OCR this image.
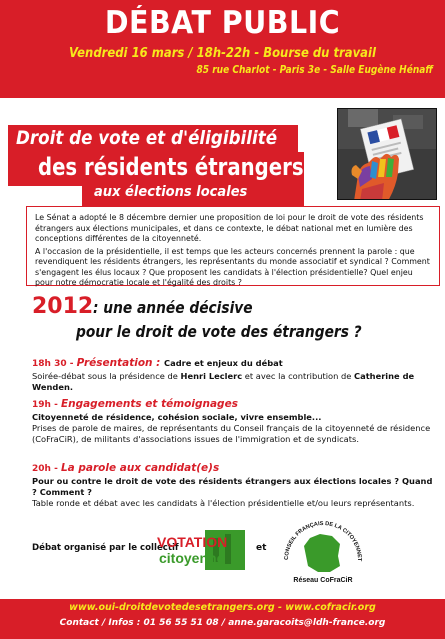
DÉBAT PUBLIC
Vendredi 16 mars / 18h-22h - Bourse du travail
85 rue Charlot - Paris 3e - Salle Eugène Hénaff
Droit de vote et d'éligibilité
des résidents étrangers
aux élections locales

Le Sénat a adopté le 8 décembre dernier une proposition de loi pour le droit de vote des résidents étrangers aux élections municipales, et dans ce contexte, le débat national met en lumière des conceptions différentes de la citoyenneté.

A l'occasion de la présidentielle, il est temps que les acteurs concernés prennent la parole : que revendiquent les résidents étrangers, les représentants du monde associatif et syndical ? Comment s'engagent les élus locaux ? Que proposent les candidats à l'élection présidentielle? Quel enjeu pour notre démocratie locale et l'égalité des droits ?

2012: une année décisive
pour le droit de vote des étrangers ?
18h 30 - Présentation : Cadre et enjeux du débat
Soirée-débat sous la présidence de Henri Leclerc et avec la contribution de Catherine de Wenden.
19h - Engagements et témoignages
Citoyenneté de résidence, cohésion sociale, vivre ensemble...
Prises de parole de maires, de représentants du Conseil français de la citoyenneté de résidence (CoFraCiR), de militants d'associations issues de l'immigration et de syndicats.
20h - La parole aux candidat(e)s
Pour ou contre le droit de vote des résidents étrangers aux élections locales ? Quand ? Comment ?
Table ronde et débat avec les candidats à l'élection présidentielle et/ou leurs représentants.
Débat organisé par le collectif
VOTATION
citoyenne
et
CONSEIL FRANÇAIS DE LA CITOYENNET
Réseau CoFraCiR
www.oui-droitdevotedesetrangers.org - www.cofracir.org
Contact / Infos : 01 56 55 51 08 / anne.garacoits@ldh-france.org
